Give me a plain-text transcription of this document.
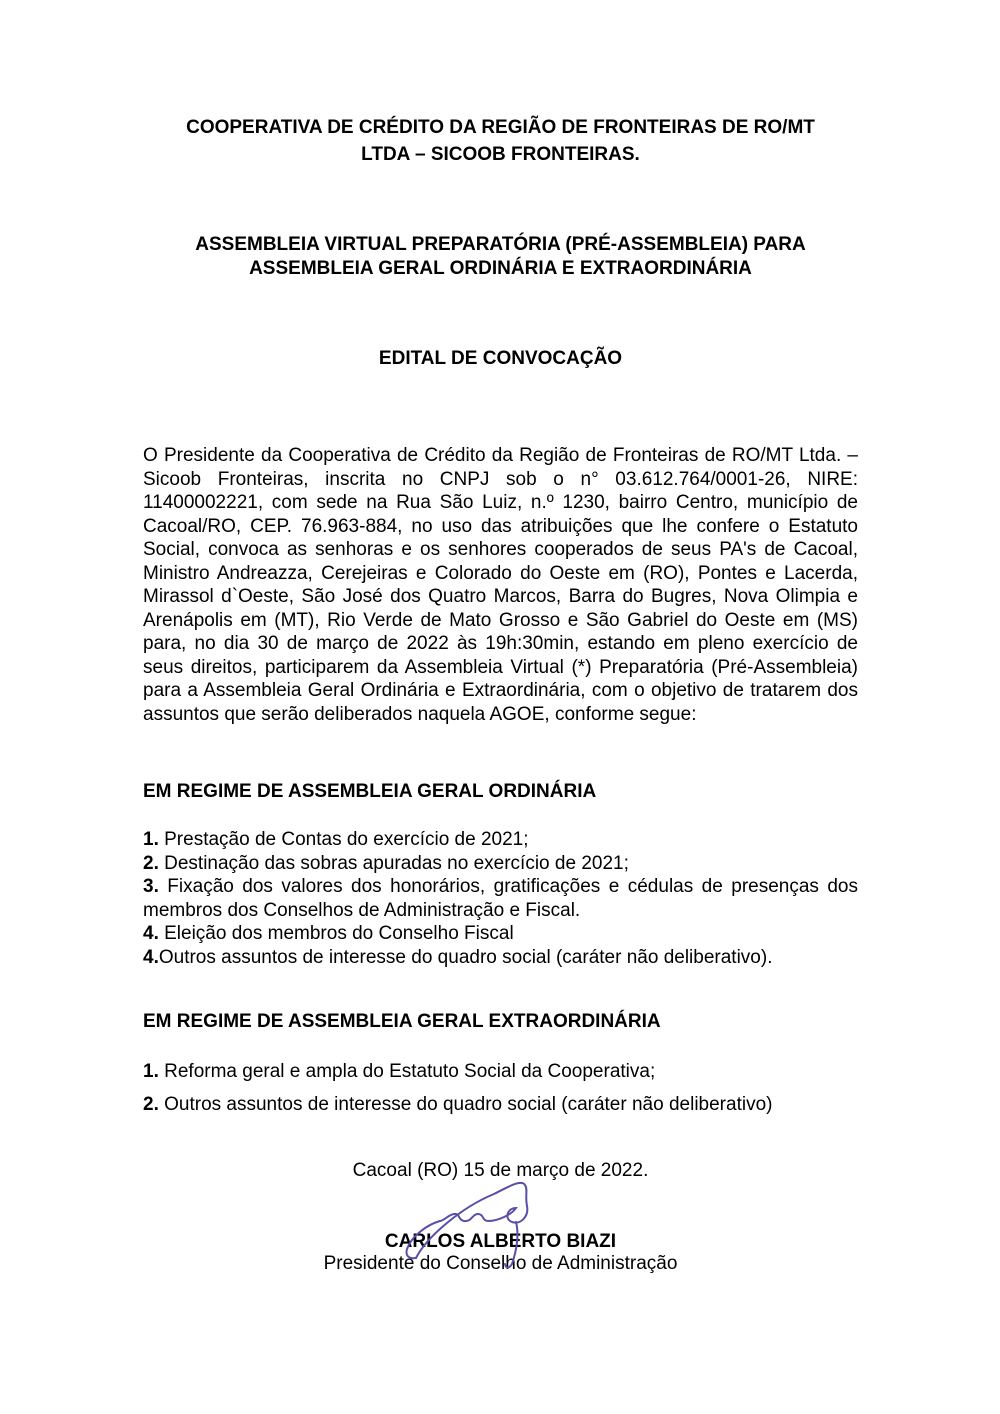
COOPERATIVA DE CRÉDITO DA REGIÃO DE FRONTEIRAS DE RO/MT
LTDA – SICOOB FRONTEIRAS.
ASSEMBLEIA VIRTUAL PREPARATÓRIA (PRÉ-ASSEMBLEIA) PARA
ASSEMBLEIA GERAL ORDINÁRIA E EXTRAORDINÁRIA
EDITAL DE CONVOCAÇÃO
O Presidente da Cooperativa de Crédito da Região de Fronteiras de RO/MT Ltda. – Sicoob Fronteiras, inscrita no CNPJ sob o n° 03.612.764/0001-26, NIRE: 11400002221, com sede na Rua São Luiz, n.º 1230, bairro Centro, município de Cacoal/RO, CEP. 76.963-884, no uso das atribuições que lhe confere o Estatuto Social, convoca as senhoras e os senhores cooperados de seus PA's de Cacoal, Ministro Andreazza, Cerejeiras e Colorado do Oeste em (RO), Pontes e Lacerda, Mirassol d`Oeste, São José dos Quatro Marcos, Barra do Bugres, Nova Olimpia e Arenápolis em (MT), Rio Verde de Mato Grosso e São Gabriel do Oeste em (MS) para, no dia 30 de março de 2022 às 19h:30min, estando em pleno exercício de seus direitos, participarem da Assembleia Virtual (*) Preparatória (Pré-Assembleia) para a Assembleia Geral Ordinária e Extraordinária, com o objetivo de tratarem dos assuntos que serão deliberados naquela AGOE, conforme segue:
EM REGIME DE ASSEMBLEIA GERAL ORDINÁRIA
1. Prestação de Contas do exercício de 2021;
2. Destinação das sobras apuradas no exercício de 2021;
3. Fixação dos valores dos honorários, gratificações e cédulas de presenças dos membros dos Conselhos de Administração e Fiscal.
4. Eleição dos membros do Conselho Fiscal
4.Outros assuntos de interesse do quadro social (caráter não deliberativo).
EM REGIME DE ASSEMBLEIA GERAL EXTRAORDINÁRIA
1. Reforma geral e ampla do Estatuto Social da Cooperativa;
2. Outros assuntos de interesse do quadro social (caráter não deliberativo)
Cacoal (RO) 15 de março de 2022.
CARLOS ALBERTO BIAZI
Presidente do Conselho de Administração
